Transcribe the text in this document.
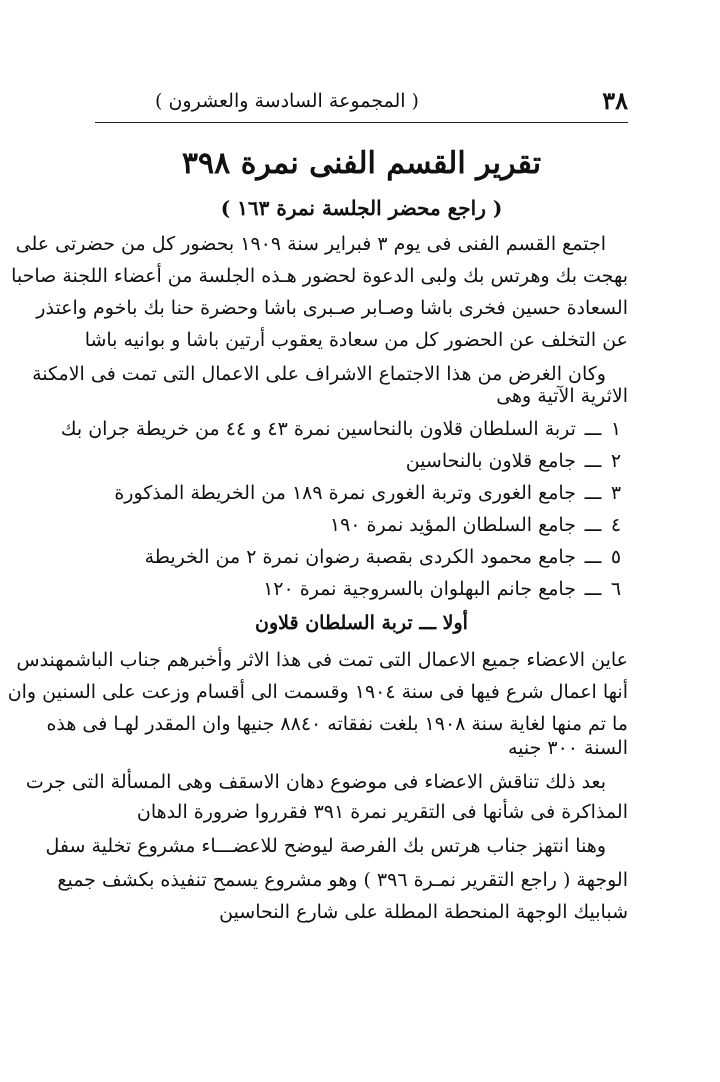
٣٨
( المجموعة السادسة والعشرون )
تقرير القسم الفنى نمرة ٣٩٨
( راجع محضر الجلسة نمرة ١٦٣ )
اجتمع القسم الفنى فى يوم ٣ فبراير سنة ١٩٠٩ بحضور كل من حضرتى على
بهجت بك وهرتس بك ولبى الدعوة لحضور هـذه الجلسة من أعضاء اللجنة صاحبا
السعادة حسين فخرى باشا وصـابر صـبرى باشا وحضرة حنا بك باخوم واعتذر
عن التخلف عن الحضور كل من سعادة يعقوب أرتين باشا و بوانيه باشا
وكان الغرض من هذا الاجتماع الاشراف على الاعمال التى تمت فى الامكنة
الاثرية الآتية وهى
١ـــ تربة السلطان قلاون بالنحاسين نمرة ٤٣ و ٤٤ من خريطة جران بك
٢ـــ جامع قلاون بالنحاسين
٣ـــ جامع الغورى وتربة الغورى نمرة ١٨٩ من الخريطة المذكورة
٤ـــ جامع السلطان المؤيد نمرة ١٩٠
٥ـــ جامع محمود الكردى بقصبة رضوان نمرة ٢ من الخريطة
٦ـــ جامع جانم البهلوان بالسروجية نمرة ١٢٠
أولا ـــ تربة السلطان قلاون
عاين الاعضاء جميع الاعمال التى تمت فى هذا الاثر وأخبرهم جناب الباشمهندس
أنها اعمال شرع فيها فى سنة ١٩٠٤ وقسمت الى أقسام وزعت على السنين وان
ما تم منها لغاية سنة ١٩٠٨ بلغت نفقاته ٨٨٤٠ جنيها وان المقدر لهـا فى هذه
السنة ٣٠٠ جنيه
بعد ذلك تناقش الاعضاء فى موضوع دهان الاسقف وهى المسألة التى جرت
المذاكرة فى شأنها فى التقرير نمرة ٣٩١ فقرروا ضرورة الدهان
وهنا انتهز جناب هرتس بك الفرصة ليوضح للاعضـــاء مشروع تخلية سفل
الوجهة ( راجع التقرير نمـرة ٣٩٦ ) وهو مشروع يسمح تنفيذه بكشف جميع
شبابيك الوجهة المنحطة المطلة على شارع النحاسين
